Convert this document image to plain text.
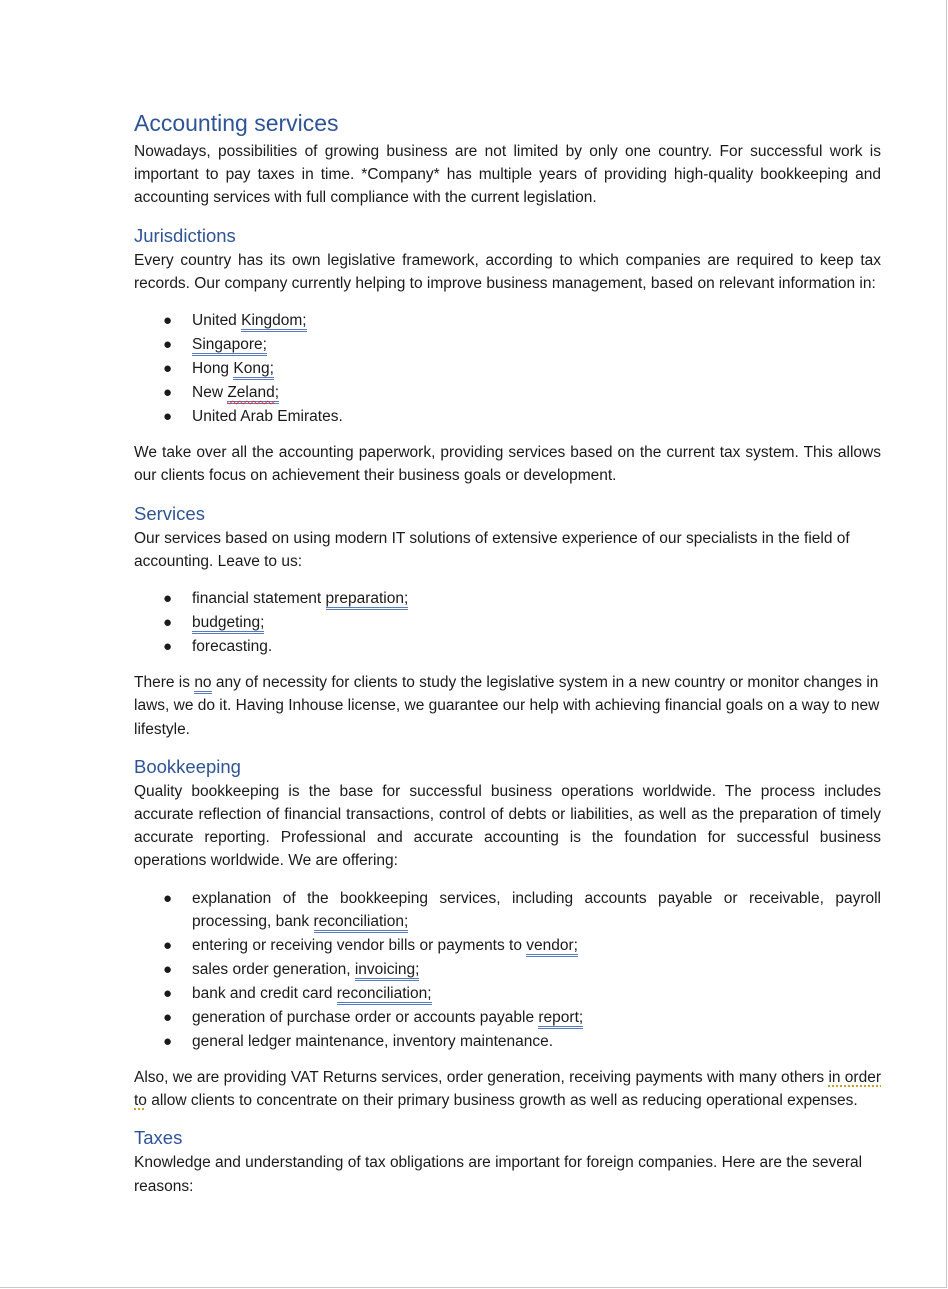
Accounting services

Nowadays, possibilities of growing business are not limited by only one country. For successful work is important to pay taxes in time. *Company* has multiple years of providing high-quality bookkeeping and accounting services with full compliance with the current legislation.

Jurisdictions

Every country has its own legislative framework, according to which companies are required to keep tax records. Our company currently helping to improve business management, based on relevant information in:

● United Kingdom;
● Singapore;
● Hong Kong;
● New Zeland;
● United Arab Emirates.

We take over all the accounting paperwork, providing services based on the current tax system. This allows our clients focus on achievement their business goals or development.

Services

Our services based on using modern IT solutions of extensive experience of our specialists in the field of accounting. Leave to us:

● financial statement preparation;
● budgeting;
● forecasting.

There is no any of necessity for clients to study the legislative system in a new country or monitor changes in laws, we do it. Having Inhouse license, we guarantee our help with achieving financial goals on a way to new lifestyle.

Bookkeeping

Quality bookkeeping is the base for successful business operations worldwide. The process includes accurate reflection of financial transactions, control of debts or liabilities, as well as the preparation of timely accurate reporting. Professional and accurate accounting is the foundation for successful business operations worldwide. We are offering:

● explanation of the bookkeeping services, including accounts payable or receivable, payroll processing, bank reconciliation;
● entering or receiving vendor bills or payments to vendor;
● sales order generation, invoicing;
● bank and credit card reconciliation;
● generation of purchase order or accounts payable report;
● general ledger maintenance, inventory maintenance.

Also, we are providing VAT Returns services, order generation, receiving payments with many others in order to allow clients to concentrate on their primary business growth as well as reducing operational expenses.

Taxes

Knowledge and understanding of tax obligations are important for foreign companies. Here are the several reasons:
